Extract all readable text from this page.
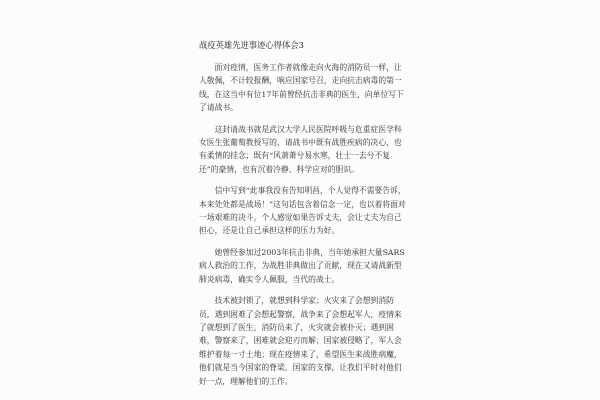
战疫英雄先进事迹心得体会3

面对疫情，医务工作者就像走向火海的消防员一样，让人敬佩，不计较报酬，响应国家号召，走向抗击病毒的第一线，在这当中有位17年前曾经抗击非典的医生，向单位写下了请战书。

这封请战书就是武汉大学人民医院呼吸与危重症医学科女医生张葡萄教授写的，请战书中既有战胜疾病的决心，也有柔情的挂念；既有“风萧萧兮易水寒，壮士一去兮不复还”的豪情，也有沉着冷静、科学应对的胆识。

信中写到“此事我没有告知明昌，个人觉得不需要告诉，本来处处都是战场！”这句话包含着信念一定，也以着将面对一场艰难的决斗，个人感觉如果告诉丈夫，会让丈夫为自己担心，还是让自己承担这样的压力为好。

她曾经参加过2003年抗击非典，当年她承担大量SARS病人救治的工作，为战胜非典做出了贡献，现在又请战新型肺炎病毒，确实令人佩服，当代的战士。

技术被封锁了，就想到科学家；火灾来了会想到消防员，遇到困难了会想起警察，战争来了会想起军人，疫情来了就想到了医生，消防员来了，火灾就会被扑灭；遇到困难，警察来了，困难就会迎刃而解；国家被侵略了，军人会维护着每一寸土地；现在疫情来了，希望医生来战胜病魔，他们就是当今国家的脊梁，国家的支撑，让我们平时对他们好一点，理解他们的工作。
